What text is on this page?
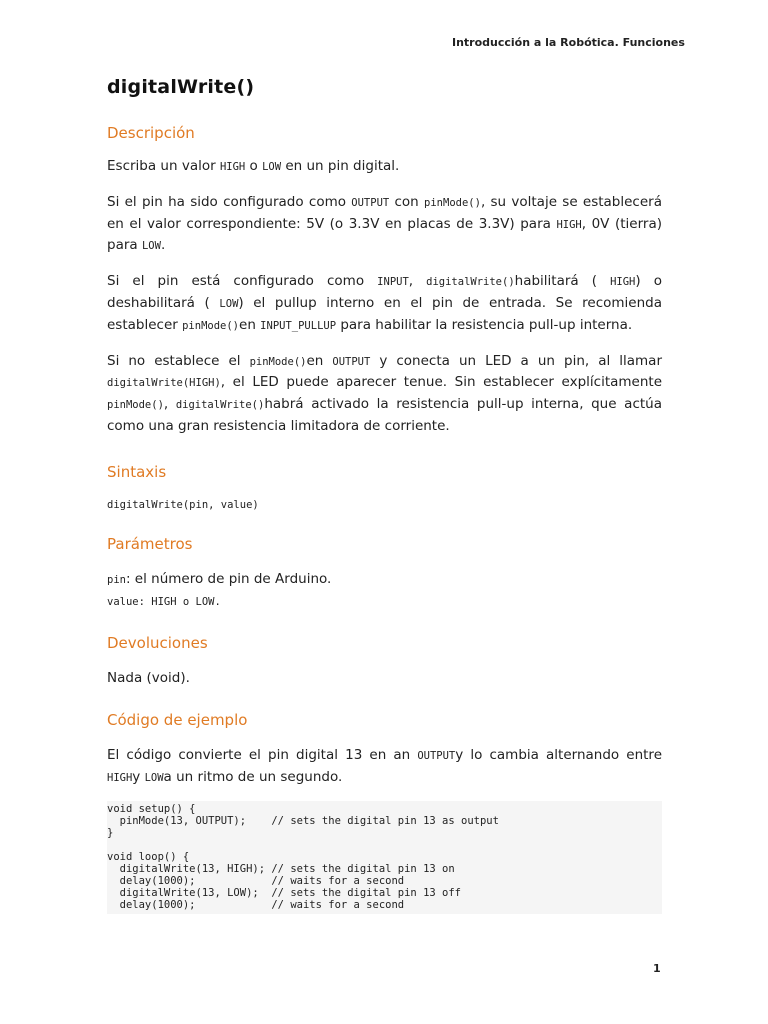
Introducción a la Robótica. Funciones
digitalWrite()
Descripción

Escriba un valor HIGH o LOW en un pin digital.

Si el pin ha sido configurado como OUTPUT con pinMode(), su voltaje se establecerá en el valor correspondiente: 5V (o 3.3V en placas de 3.3V) para HIGH, 0V (tierra) para LOW.

Si el pin está configurado como INPUT, digitalWrite()habilitará ( HIGH) o deshabilitará ( LOW) el pullup interno en el pin de entrada. Se recomienda establecer pinMode()en INPUT_PULLUP para habilitar la resistencia pull-up interna.

Si no establece el pinMode()en OUTPUT y conecta un LED a un pin, al llamar digitalWrite(HIGH), el LED puede aparecer tenue. Sin establecer explícitamente pinMode(), digitalWrite()habrá activado la resistencia pull-up interna, que actúa como una gran resistencia limitadora de corriente.

Sintaxis
digitalWrite(pin, value)
Parámetros

pin: el número de pin de Arduino.

value: HIGH o LOW.

Devoluciones

Nada (void).

Código de ejemplo

El código convierte el pin digital 13 en an OUTPUTy lo cambia alternando entre HIGHy LOWa un ritmo de un segundo.

void setup() {
pinMode(13, OUTPUT);    // sets the digital pin 13 as output
}

void loop() {
digitalWrite(13, HIGH); // sets the digital pin 13 on
delay(1000);            // waits for a second
digitalWrite(13, LOW);  // sets the digital pin 13 off
delay(1000);            // waits for a second
1
